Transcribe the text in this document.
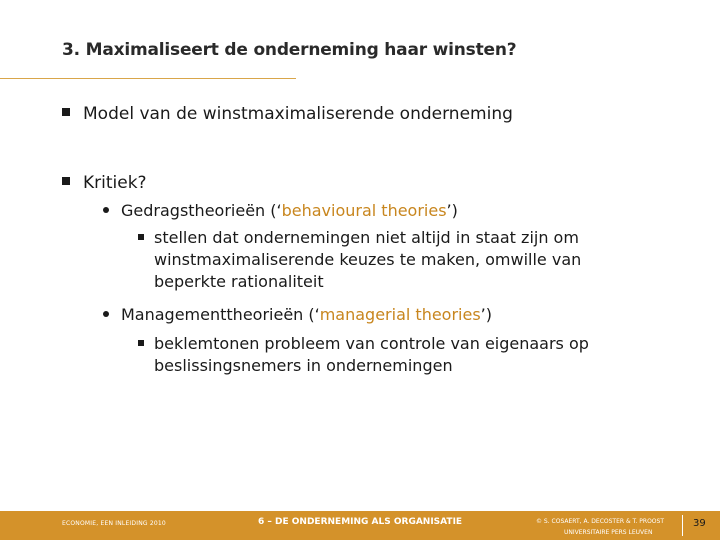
3. Maximaliseert de onderneming haar winsten?
Model van de winstmaximaliserende onderneming
Kritiek?
Gedragstheorieën (‘behavioural theories’)
stellen dat ondernemingen niet altijd in staat zijn om
winstmaximaliserende keuzes te maken, omwille van
beperkte rationaliteit
Managementtheorieën (‘managerial theories’)
beklemtonen probleem van controle van eigenaars op
beslissingsnemers in ondernemingen
ECONOMIE, EEN INLEIDING 2010	6 – DE ONDERNEMING ALS ORGANISATIE	© S. COSAERT, A. DECOSTER & T. PROOST
UNIVERSITAIRE PERS LEUVEN
39
